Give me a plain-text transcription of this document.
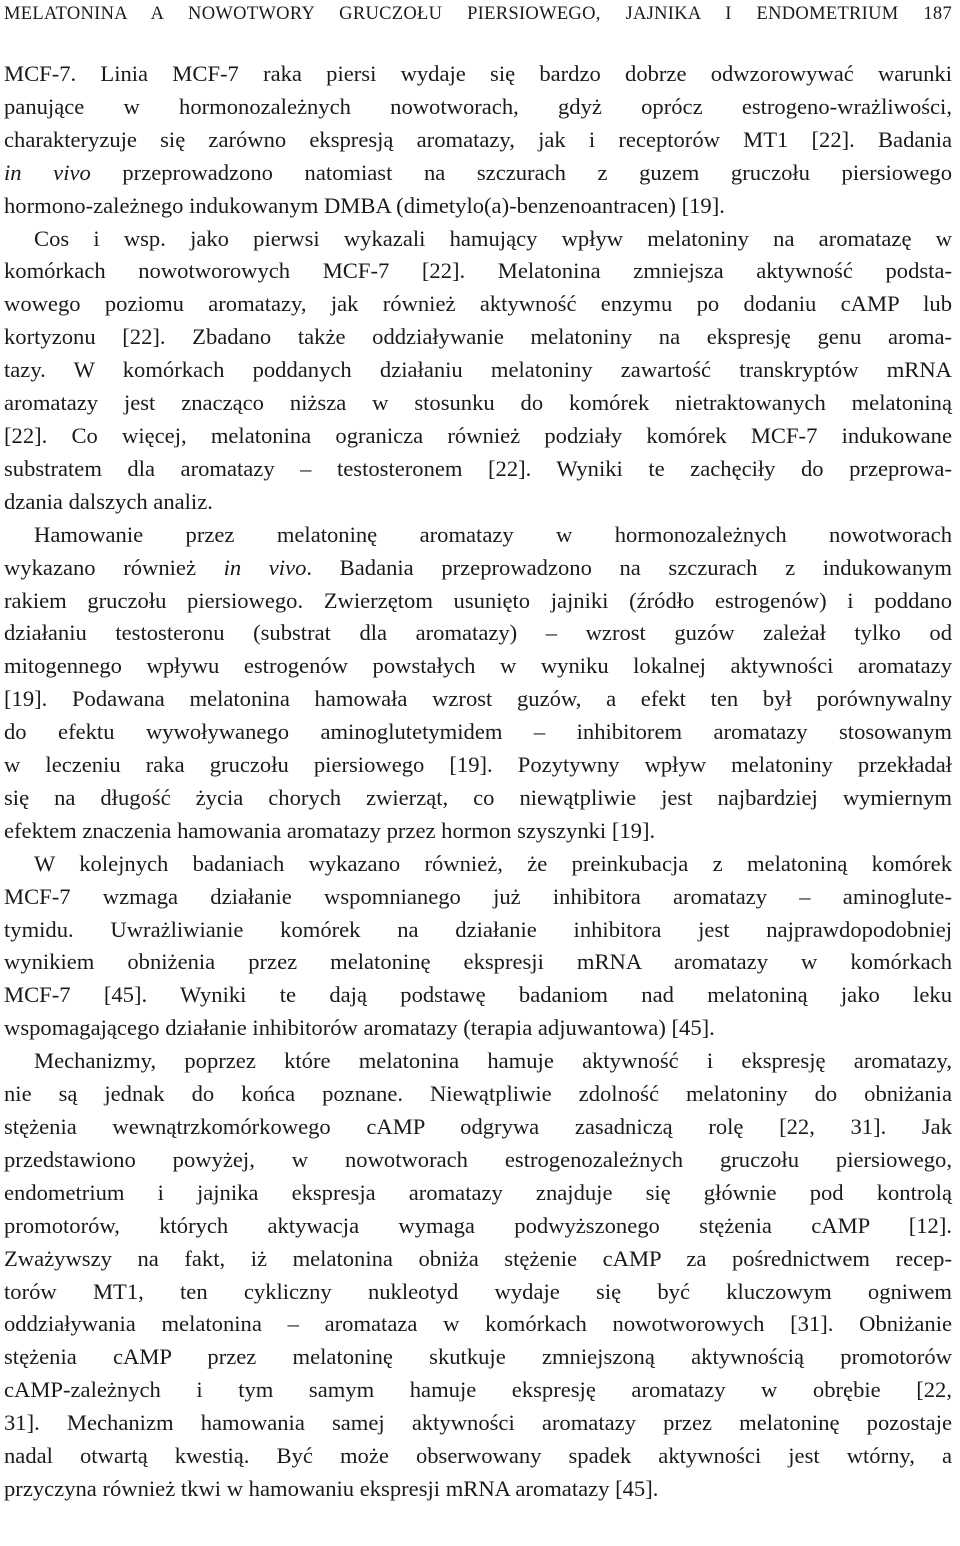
MELATONINA A NOWOTWORY GRUCZOŁU PIERSIOWEGO, JAJNIKA I ENDOMETRIUM 187

MCF-7. Linia MCF-7 raka piersi wydaje się bardzo dobrze odwzorowywać warunki
panujące w hormonozależnych nowotworach, gdyż oprócz estrogeno-wrażliwości,
charakteryzuje się zarówno ekspresją aromatazy, jak i receptorów MT1 [22]. Badania
in vivo przeprowadzono natomiast na szczurach z guzem gruczołu piersiowego
hormono-zależnego indukowanym DMBA (dimetylo(a)-benzenoantracen) [19].

Cos i wsp. jako pierwsi wykazali hamujący wpływ melatoniny na aromatazę w
komórkach nowotworowych MCF-7 [22]. Melatonina zmniejsza aktywność podsta-
wowego poziomu aromatazy, jak również aktywność enzymu po dodaniu cAMP lub
kortyzonu [22]. Zbadano także oddziaływanie melatoniny na ekspresję genu aroma-
tazy. W komórkach poddanych działaniu melatoniny zawartość transkryptów mRNA
aromatazy jest znacząco niższa w stosunku do komórek nietraktowanych melatoniną
[22]. Co więcej, melatonina ogranicza również podziały komórek MCF-7 indukowane
substratem dla aromatazy – testosteronem [22]. Wyniki te zachęciły do przeprowa-
dzania dalszych analiz.

Hamowanie przez melatoninę aromatazy w hormonozależnych nowotworach
wykazano również in vivo. Badania przeprowadzono na szczurach z indukowanym
rakiem gruczołu piersiowego. Zwierzętom usunięto jajniki (źródło estrogenów) i poddano
działaniu testosteronu (substrat dla aromatazy) – wzrost guzów zależał tylko od
mitogennego wpływu estrogenów powstałych w wyniku lokalnej aktywności aromatazy
[19]. Podawana melatonina hamowała wzrost guzów, a efekt ten był porównywalny
do efektu wywoływanego aminoglutetymidem – inhibitorem aromatazy stosowanym
w leczeniu raka gruczołu piersiowego [19]. Pozytywny wpływ melatoniny przekładał
się na długość życia chorych zwierząt, co niewątpliwie jest najbardziej wymiernym
efektem znaczenia hamowania aromatazy przez hormon szyszynki [19].

W kolejnych badaniach wykazano również, że preinkubacja z melatoniną komórek
MCF-7 wzmaga działanie wspomnianego już inhibitora aromatazy – aminoglute-
tymidu. Uwrażliwianie komórek na działanie inhibitora jest najprawdopodobniej
wynikiem obniżenia przez melatoninę ekspresji mRNA aromatazy w komórkach
MCF-7 [45]. Wyniki te dają podstawę badaniom nad melatoniną jako leku
wspomagającego działanie inhibitorów aromatazy (terapia adjuwantowa) [45].

Mechanizmy, poprzez które melatonina hamuje aktywność i ekspresję aromatazy,
nie są jednak do końca poznane. Niewątpliwie zdolność melatoniny do obniżania
stężenia wewnątrzkomórkowego cAMP odgrywa zasadniczą rolę [22, 31]. Jak
przedstawiono powyżej, w nowotworach estrogenozależnych gruczołu piersiowego,
endometrium i jajnika ekspresja aromatazy znajduje się głównie pod kontrolą
promotorów, których aktywacja wymaga podwyższonego stężenia cAMP [12].
Zważywszy na fakt, iż melatonina obniża stężenie cAMP za pośrednictwem recep-
torów MT1, ten cykliczny nukleotyd wydaje się być kluczowym ogniwem
oddziaływania melatonina – aromataza w komórkach nowotworowych [31]. Obniżanie
stężenia cAMP przez melatoninę skutkuje zmniejszoną aktywnością promotorów
cAMP-zależnych i tym samym hamuje ekspresję aromatazy w obrębie [22,
31]. Mechanizm hamowania samej aktywności aromatazy przez melatoninę pozostaje
nadal otwartą kwestią. Być może obserwowany spadek aktywności jest wtórny, a
przyczyna również tkwi w hamowaniu ekspresji mRNA aromatazy [45].
